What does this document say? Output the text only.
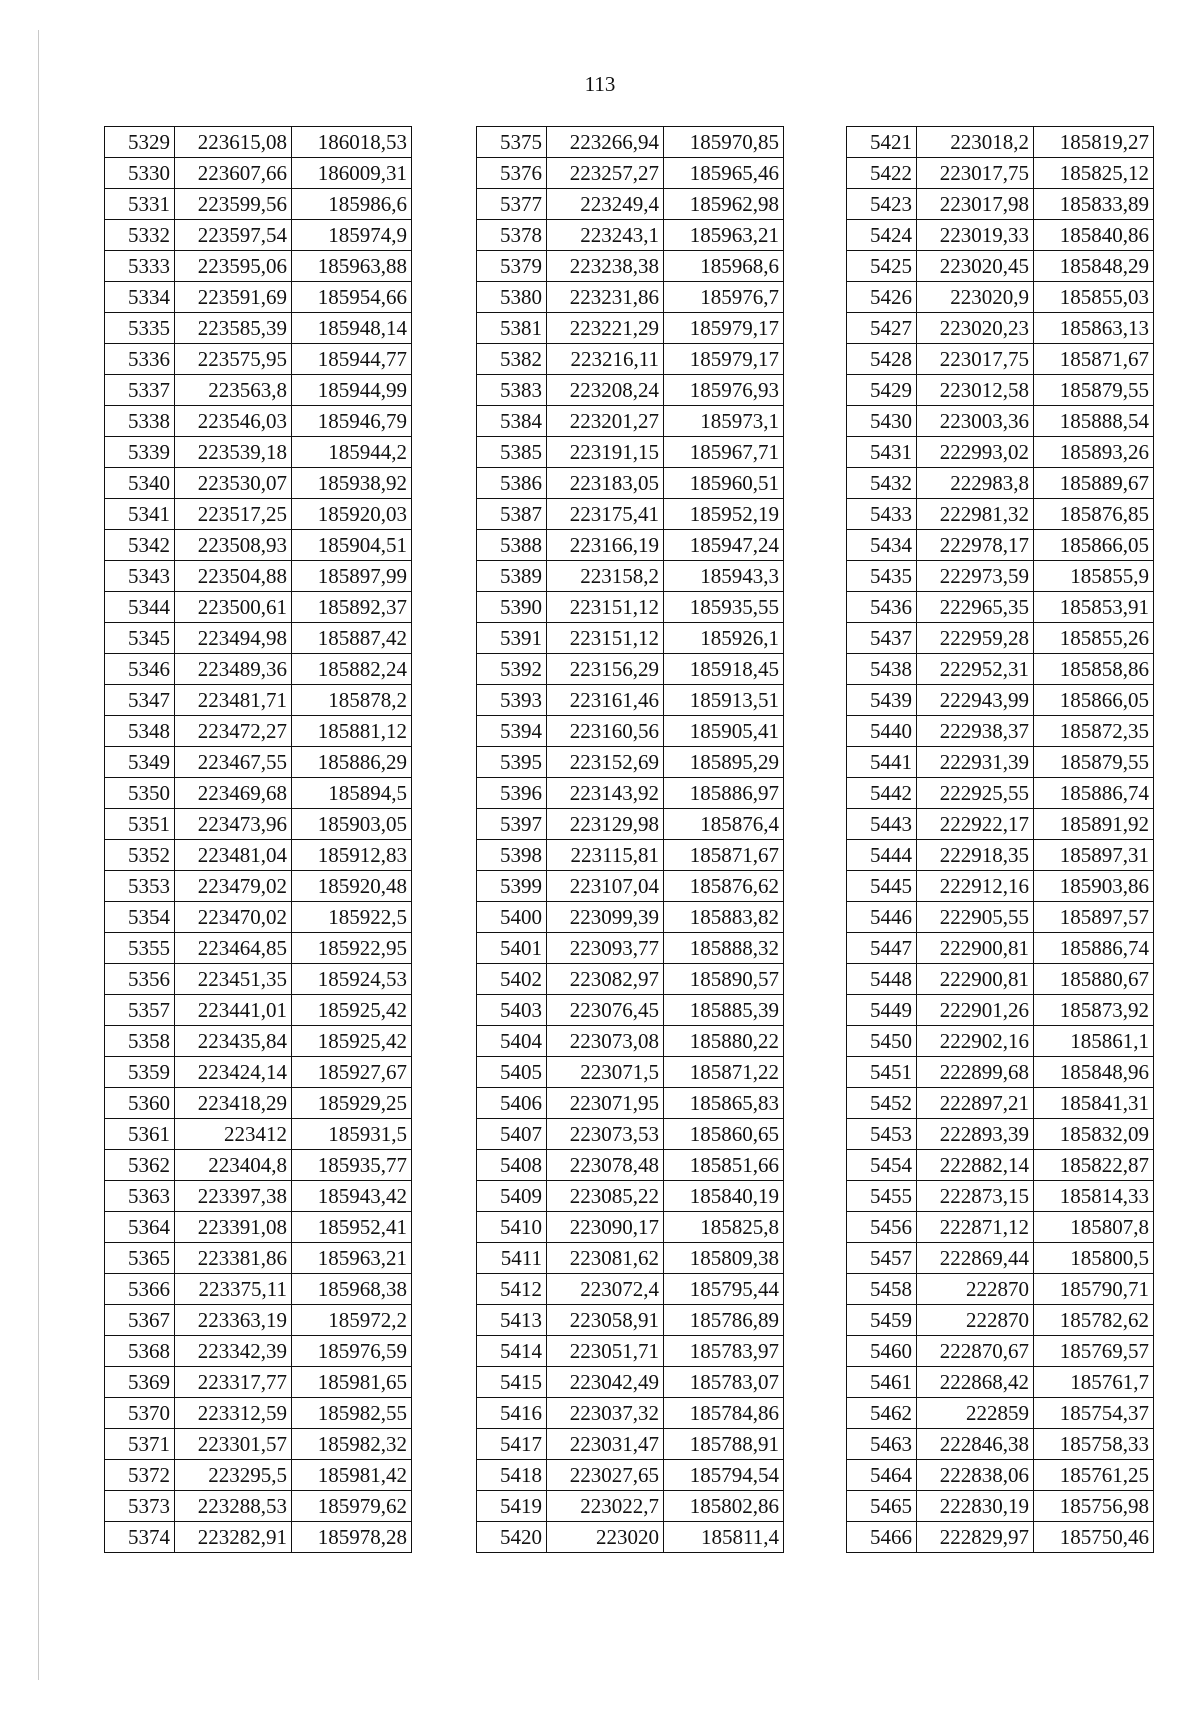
113
5329	223615,08	186018,53
5330	223607,66	186009,31
5331	223599,56	185986,6
5332	223597,54	185974,9
5333	223595,06	185963,88
5334	223591,69	185954,66
5335	223585,39	185948,14
5336	223575,95	185944,77
5337	223563,8	185944,99
5338	223546,03	185946,79
5339	223539,18	185944,2
5340	223530,07	185938,92
5341	223517,25	185920,03
5342	223508,93	185904,51
5343	223504,88	185897,99
5344	223500,61	185892,37
5345	223494,98	185887,42
5346	223489,36	185882,24
5347	223481,71	185878,2
5348	223472,27	185881,12
5349	223467,55	185886,29
5350	223469,68	185894,5
5351	223473,96	185903,05
5352	223481,04	185912,83
5353	223479,02	185920,48
5354	223470,02	185922,5
5355	223464,85	185922,95
5356	223451,35	185924,53
5357	223441,01	185925,42
5358	223435,84	185925,42
5359	223424,14	185927,67
5360	223418,29	185929,25
5361	223412	185931,5
5362	223404,8	185935,77
5363	223397,38	185943,42
5364	223391,08	185952,41
5365	223381,86	185963,21
5366	223375,11	185968,38
5367	223363,19	185972,2
5368	223342,39	185976,59
5369	223317,77	185981,65
5370	223312,59	185982,55
5371	223301,57	185982,32
5372	223295,5	185981,42
5373	223288,53	185979,62
5374	223282,91	185978,28
5375	223266,94	185970,85
5376	223257,27	185965,46
5377	223249,4	185962,98
5378	223243,1	185963,21
5379	223238,38	185968,6
5380	223231,86	185976,7
5381	223221,29	185979,17
5382	223216,11	185979,17
5383	223208,24	185976,93
5384	223201,27	185973,1
5385	223191,15	185967,71
5386	223183,05	185960,51
5387	223175,41	185952,19
5388	223166,19	185947,24
5389	223158,2	185943,3
5390	223151,12	185935,55
5391	223151,12	185926,1
5392	223156,29	185918,45
5393	223161,46	185913,51
5394	223160,56	185905,41
5395	223152,69	185895,29
5396	223143,92	185886,97
5397	223129,98	185876,4
5398	223115,81	185871,67
5399	223107,04	185876,62
5400	223099,39	185883,82
5401	223093,77	185888,32
5402	223082,97	185890,57
5403	223076,45	185885,39
5404	223073,08	185880,22
5405	223071,5	185871,22
5406	223071,95	185865,83
5407	223073,53	185860,65
5408	223078,48	185851,66
5409	223085,22	185840,19
5410	223090,17	185825,8
5411	223081,62	185809,38
5412	223072,4	185795,44
5413	223058,91	185786,89
5414	223051,71	185783,97
5415	223042,49	185783,07
5416	223037,32	185784,86
5417	223031,47	185788,91
5418	223027,65	185794,54
5419	223022,7	185802,86
5420	223020	185811,4
5421	223018,2	185819,27
5422	223017,75	185825,12
5423	223017,98	185833,89
5424	223019,33	185840,86
5425	223020,45	185848,29
5426	223020,9	185855,03
5427	223020,23	185863,13
5428	223017,75	185871,67
5429	223012,58	185879,55
5430	223003,36	185888,54
5431	222993,02	185893,26
5432	222983,8	185889,67
5433	222981,32	185876,85
5434	222978,17	185866,05
5435	222973,59	185855,9
5436	222965,35	185853,91
5437	222959,28	185855,26
5438	222952,31	185858,86
5439	222943,99	185866,05
5440	222938,37	185872,35
5441	222931,39	185879,55
5442	222925,55	185886,74
5443	222922,17	185891,92
5444	222918,35	185897,31
5445	222912,16	185903,86
5446	222905,55	185897,57
5447	222900,81	185886,74
5448	222900,81	185880,67
5449	222901,26	185873,92
5450	222902,16	185861,1
5451	222899,68	185848,96
5452	222897,21	185841,31
5453	222893,39	185832,09
5454	222882,14	185822,87
5455	222873,15	185814,33
5456	222871,12	185807,8
5457	222869,44	185800,5
5458	222870	185790,71
5459	222870	185782,62
5460	222870,67	185769,57
5461	222868,42	185761,7
5462	222859	185754,37
5463	222846,38	185758,33
5464	222838,06	185761,25
5465	222830,19	185756,98
5466	222829,97	185750,46
